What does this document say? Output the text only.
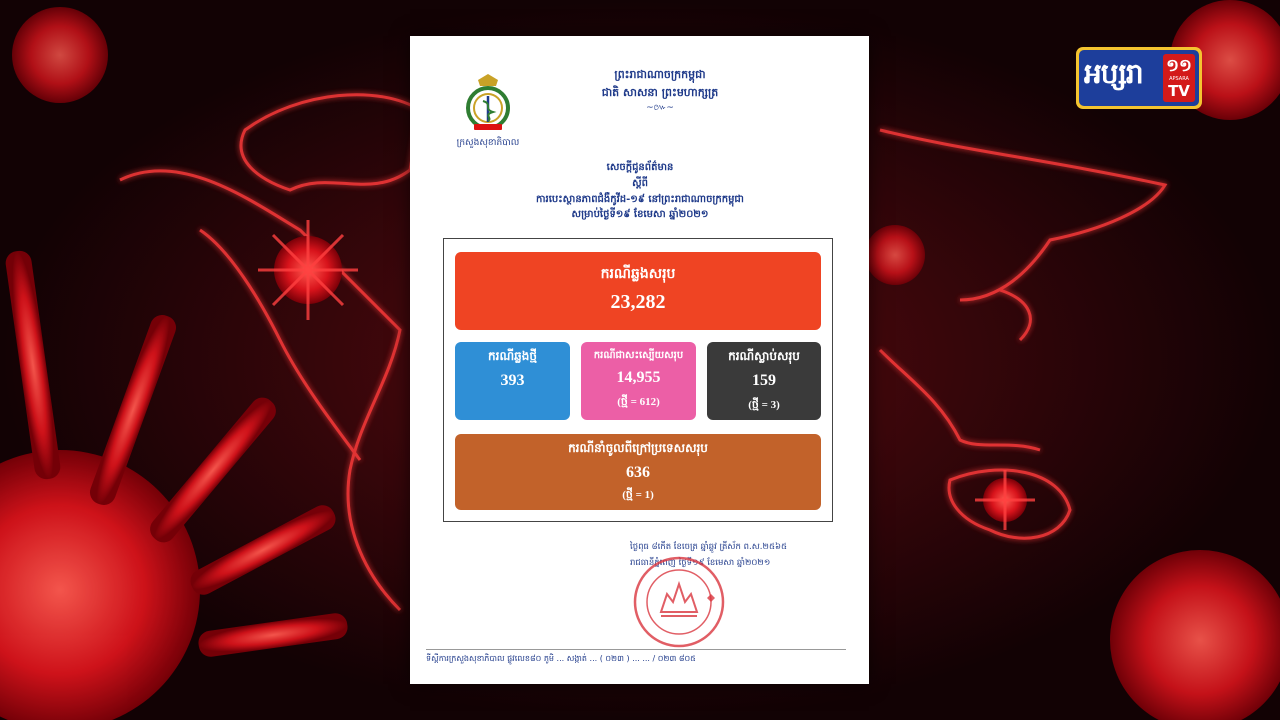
ក្រសួងសុខាភិបាល
ព្រះរាជាណាចក្រកម្ពុជា
ជាតិ សាសនា ព្រះមហាក្សត្រ
~៚~
សេចក្ដីជូនព័ត៌មាន
ស្ដីពី
ការបេះស្ថានភាពជំងឺកូវីដ-១៩ នៅព្រះរាជាណាចក្រកម្ពុជា
សម្រាប់ថ្ងៃទី១៩ ខែមេសា ឆ្នាំ២០២១
ករណីឆ្លងសរុប
23,282
ករណីឆ្លងថ្មី
393
ករណីជាសះស្បើយសរុប
14,955
(ថ្មី = 612)
ករណីស្លាប់សរុប
159
(ថ្មី = 3)
ករណីនាំចូលពីក្រៅប្រទេសសរុប
636
(ថ្មី = 1)
ថ្ងៃពុធ ៨កើត ខែចេត្រ ឆ្នាំឆ្លូវ ត្រីស័ក ព.ស.២៥៦៥
រាជធានីភ្នំពេញ ថ្ងៃទី១៩ ខែមេសា ឆ្នាំ២០២១
ទីស្តីការក្រសួងសុខាភិបាល ផ្លូវលេខ៨០ ភូមិ ... សង្កាត់ ... ( ០២៣ ) ... ... / ០២៣ ៨០៥
អប្សរា ១១
APSARA
TV
